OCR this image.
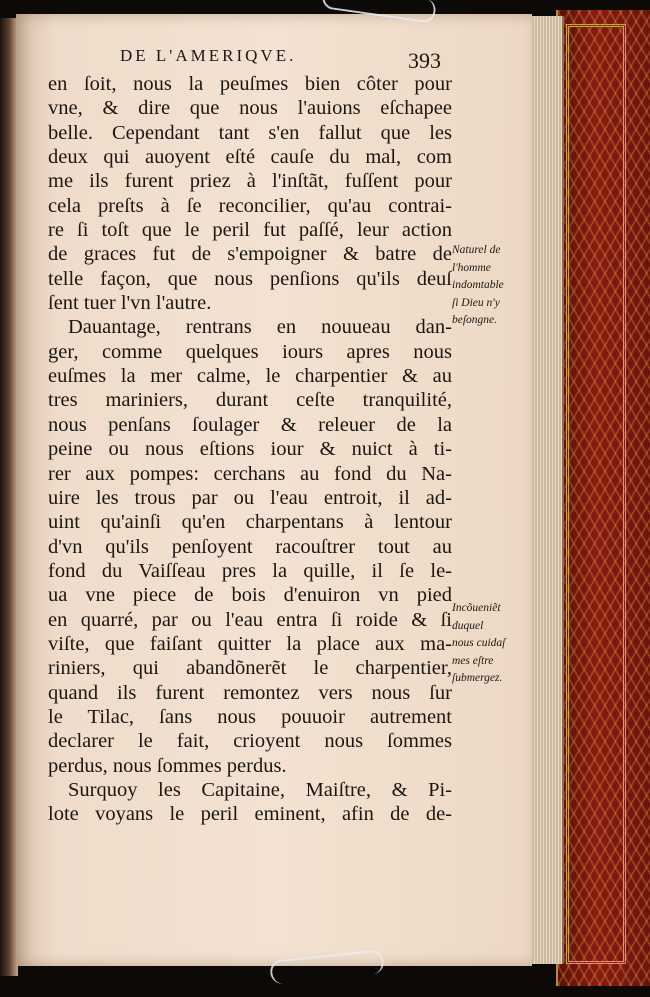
DE L'AMERIQVE.	393
en ſoit, nous la peuſmes bien côter pour
vne, & dire que nous l'auions eſchapee
belle. Cependant tant s'en fallut que les
deux qui auoyent eſté cauſe du mal, com
me ils furent priez à l'inſtãt, fuſſent pour
cela preſts à ſe reconcilier, qu'au contrai-
re ſi toſt que le peril fut paſſé, leur action
de graces fut de s'empoigner & batre de
telle façon, que nous penſions qu'ils deuſ
ſent tuer l'vn l'autre.
Dauantage, rentrans en nouueau dan-
ger, comme quelques iours apres nous
euſmes la mer calme, le charpentier & au
tres mariniers, durant ceſte tranquilité,
nous penſans ſoulager & releuer de la
peine ou nous eſtions iour & nuict à ti-
rer aux pompes: cerchans au fond du Na-
uire les trous par ou l'eau entroit, il ad-
uint qu'ainſi qu'en charpentans à lentour
d'vn qu'ils penſoyent racouſtrer tout au
fond du Vaiſſeau pres la quille, il ſe le-
ua vne piece de bois d'enuiron vn pied
en quarré, par ou l'eau entra ſi roide & ſi
viſte, que faiſant quitter la place aux ma-
riniers, qui abandõnerẽt le charpentier,
quand ils furent remontez vers nous ſur
le Tilac, ſans nous pouuoir autrement
declarer le fait, crioyent nous ſommes
perdus, nous ſommes perdus.
Surquoy les Capitaine, Maiſtre, & Pi-
lote voyans le peril eminent, afin de de-
Naturel de
l'homme
indomtable
ſi Dieu n'y
beſongne.
Incõueniẽt
duquel
nous cuidaſ
mes eſtre
ſubmergez.
